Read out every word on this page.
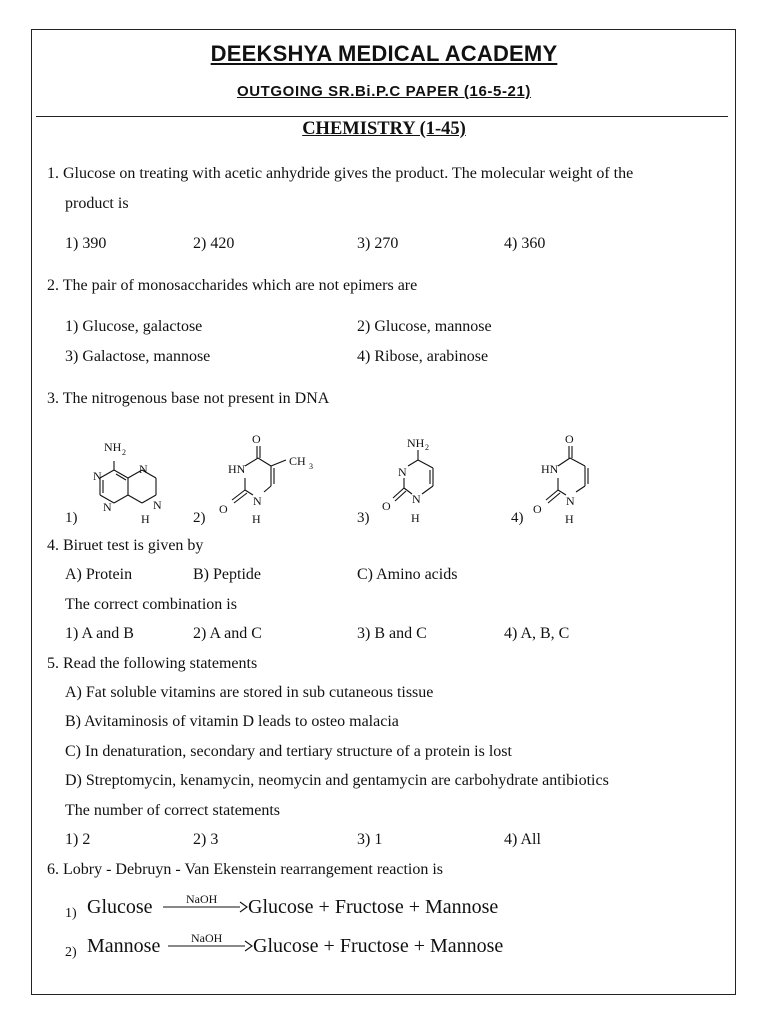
DEEKSHYA MEDICAL ACADEMY
OUTGOING SR.Bi.P.C PAPER (16-5-21)
CHEMISTRY (1-45)
1. Glucose on treating with acetic anhydride gives the product. The molecular weight of the
product is
1) 390	2) 420	3) 270	4) 360
2. The pair of monosaccharides which are not epimers are
1) Glucose, galactose	2) Glucose, mannose
3) Galactose, mannose	4) Ribose, arabinose
3. The nitrogenous base not present in DNA
1)	2)	3)	4)
NH 2
N
N
N
N
H
O
HN
CH 3
N
O
H
NH 2
N
N
O
H
O
HN
N
O
H
4. Biruet test is given by
A) Protein	B) Peptide	C) Amino acids
The correct combination is
1) A and B	2) A and C	3) B and C	4) A, B, C
5. Read the following statements
A) Fat soluble vitamins are stored in sub cutaneous tissue
B) Avitaminosis of vitamin D leads to osteo malacia
C) In denaturation, secondary and tertiary structure of a protein is lost
D) Streptomycin, kenamycin, neomycin and gentamycin are carbohydrate antibiotics
The number of correct statements
1) 2	2) 3	3) 1	4) All
6. Lobry - Debruyn - Van Ekenstein rearrangement reaction is
1) Glucose	NaOH Glucose + Fructose + Mannose
2) Mannose	NaOH Glucose + Fructose + Mannose
